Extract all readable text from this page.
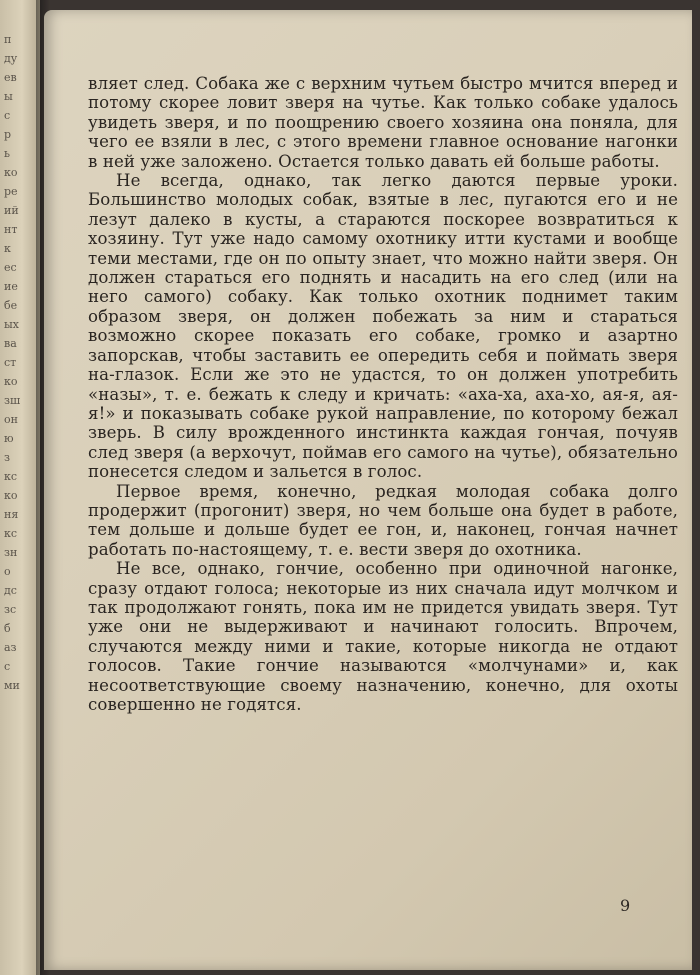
п
ду
ев
ы
с
р
ь
ко
ре
ий
нт
к
ес
ие
бе
ых
ва
ст
ко
зш
он
ю
з
кс
ко
ня
кс
зн
о
дс
зс
б
аз
с
ми

вляет след. Собака же с верхним чутьем быстро мчится вперед и потому скорее ловит зверя на чутье. Как только собаке удалось увидеть зверя, и по поощрению своего хозяина она поняла, для чего ее взяли в лес, с этого времени главное основание нагонки в ней уже заложено. Остается только давать ей больше работы.

Не всегда, однако, так легко даются первые уроки. Большинство молодых собак, взятые в лес, пугаются его и не лезут далеко в кусты, а стараются поскорее возвратиться к хозяину. Тут уже надо самому охотнику итти кустами и вообще теми местами, где он по опыту знает, что можно найти зверя. Он должен стараться его поднять и насадить на его след (или на него самого) собаку. Как только охотник поднимет таким образом зверя, он должен побежать за ним и стараться возможно скорее показать его собаке, громко и азартно запорскав, чтобы заставить ее опередить себя и поймать зверя на-глазок. Если же это не удастся, то он должен употребить «назы», т. е. бежать к следу и кричать: «аха-ха, аха-хо, ая-я, ая-я!» и показывать собаке рукой направление, по которому бежал зверь. В силу врожденного инстинкта каждая гончая, почуяв след зверя (а верхочут, поймав его самого на чутье), обязательно понесется следом и зальется в голос.

Первое время, конечно, редкая молодая собака долго продержит (прогонит) зверя, но чем больше она будет в работе, тем дольше и дольше будет ее гон, и, наконец, гончая начнет работать по-настоящему, т. е. вести зверя до охотника.

Не все, однако, гончие, особенно при одиночной нагонке, сразу отдают голоса; некоторые из них сначала идут молчком и так продолжают гонять, пока им не придется увидать зверя. Тут уже они не выдерживают и начинают голосить. Впрочем, случаются между ними и такие, которые никогда не отдают голосов. Такие гончие называются «молчунами» и, как несоответствующие своему назначению, конечно, для охоты совершенно не годятся.

9
